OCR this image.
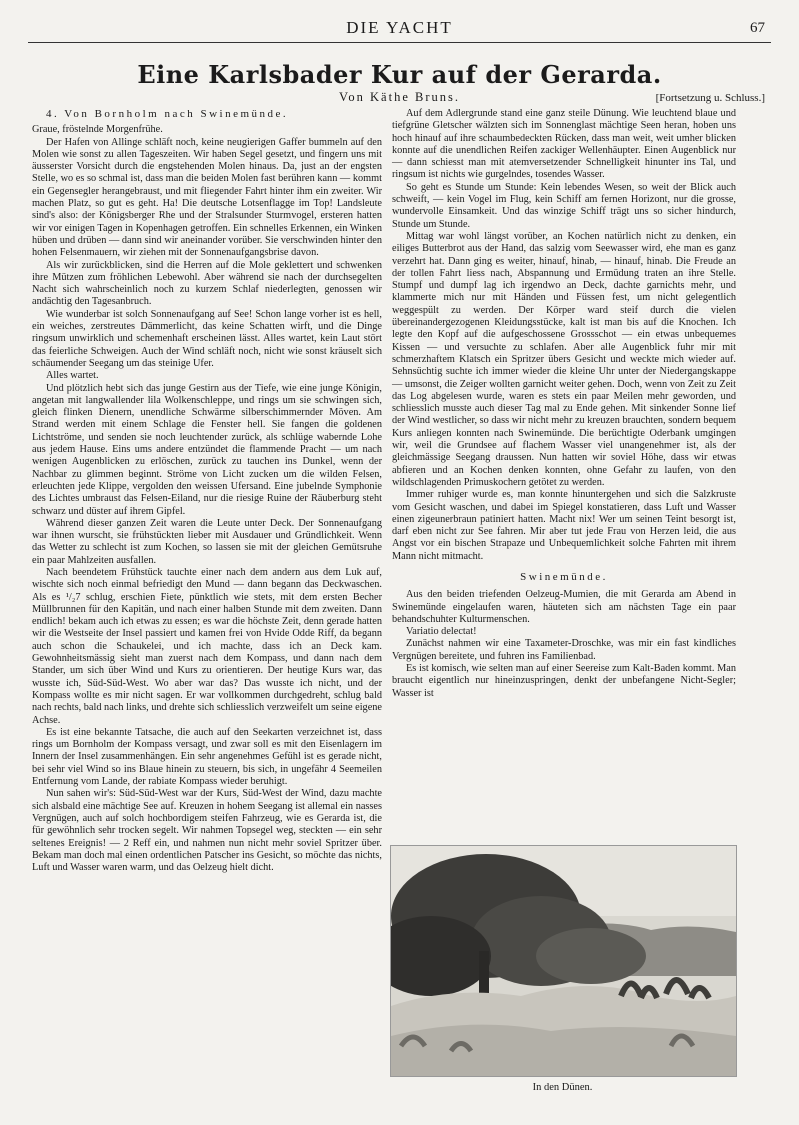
DIE YACHT	67
Eine Karlsbader Kur auf der Gerarda.
Von Käthe Bruns.	[Fortsetzung u. Schluss.]
4. Von Bornholm nach Swinemünde.

Graue, fröstelnde Morgenfrühe.

Der Hafen von Allinge schläft noch, keine neugierigen Gaffer bummeln auf den Molen wie sonst zu allen Tageszeiten. Wir haben Segel gesetzt, und fingern uns mit äusserster Vorsicht durch die engstehenden Molen hinaus. Da, just an der engsten Stelle, wo es so schmal ist, dass man die beiden Molen fast berühren kann — kommt ein Gegensegler herangebraust, und mit fliegender Fahrt hinter ihm ein zweiter. Wir machen Platz, so gut es geht. Ha! Die deutsche Lotsenflagge im Top! Landsleute sind's also: der Königsberger Rhe und der Stralsunder Sturmvogel, ersteren hatten wir vor einigen Tagen in Kopenhagen getroffen. Ein schnelles Erkennen, ein Winken hüben und drüben — dann sind wir aneinander vorüber. Sie verschwinden hinter den hohen Felsenmauern, wir ziehen mit der Sonnenaufgangsbrise davon.

Als wir zurückblicken, sind die Herren auf die Mole geklettert und schwenken ihre Mützen zum fröhlichen Lebewohl. Aber während sie nach der durchsegelten Nacht sich wahrscheinlich noch zu kurzem Schlaf niederlegten, genossen wir andächtig den Tagesanbruch.

Wie wunderbar ist solch Sonnenaufgang auf See! Schon lange vorher ist es hell, ein weiches, zerstreutes Dämmerlicht, das keine Schatten wirft, und die Dinge ringsum unwirklich und schemenhaft erscheinen lässt. Alles wartet, kein Laut stört das feierliche Schweigen. Auch der Wind schläft noch, nicht wie sonst kräuselt sich schäumender Seegang um das steinige Ufer.

Alles wartet.

Und plötzlich hebt sich das junge Gestirn aus der Tiefe, wie eine junge Königin, angetan mit langwallender lila Wolkenschleppe, und rings um sie schwingen sich, gleich flinken Dienern, unendliche Schwärme silberschimmernder Möven. Am Strand werden mit einem Schlage die Fenster hell. Sie fangen die goldenen Lichtströme, und senden sie noch leuchtender zurück, als schlüge wabernde Lohe aus jedem Hause. Eins ums andere entzündet die flammende Pracht — um nach wenigen Augenblicken zu erlöschen, zurück zu tauchen ins Dunkel, wenn der Nachbar zu glimmen beginnt. Ströme von Licht zucken um die wilden Felsen, erleuchten jede Klippe, vergolden den weissen Ufersand. Eine jubelnde Symphonie des Lichtes umbraust das Felsen-Eiland, nur die riesige Ruine der Räuberburg steht schwarz und düster auf ihrem Gipfel.

Während dieser ganzen Zeit waren die Leute unter Deck. Der Sonnenaufgang war ihnen wurscht, sie frühstückten lieber mit Ausdauer und Gründlichkeit. Wenn das Wetter zu schlecht ist zum Kochen, so lassen sie mit der gleichen Gemütsruhe ein paar Mahlzeiten ausfallen.

Nach beendetem Frühstück tauchte einer nach dem andern aus dem Luk auf, wischte sich noch einmal befriedigt den Mund — dann begann das Deckwaschen. Als es ¹/₂7 schlug, erschien Fiete, pünktlich wie stets, mit dem ersten Becher Müllbrunnen für den Kapitän, und nach einer halben Stunde mit dem zweiten. Dann endlich! bekam auch ich etwas zu essen; es war die höchste Zeit, denn gerade hatten wir die Westseite der Insel passiert und kamen frei von Hvide Odde Riff, da begann auch schon die Schaukelei, und ich machte, dass ich an Deck kam. Gewohnheitsmässig sieht man zuerst nach dem Kompass, und dann nach dem Stander, um sich über Wind und Kurs zu orientieren. Der heutige Kurs war, das wusste ich, Süd-Süd-West. Wo aber war das? Das wusste ich nicht, und der Kompass wollte es mir nicht sagen. Er war vollkommen durchgedreht, schlug bald nach rechts, bald nach links, und drehte sich schliesslich verzweifelt um seine eigene Achse.

Es ist eine bekannte Tatsache, die auch auf den Seekarten verzeichnet ist, dass rings um Bornholm der Kompass versagt, und zwar soll es mit den Eisenlagern im Innern der Insel zusammenhängen. Ein sehr angenehmes Gefühl ist es gerade nicht, bei sehr viel Wind so ins Blaue hinein zu steuern, bis sich, in ungefähr 4 Seemeilen Entfernung vom Lande, der rabiate Kompass wieder beruhigt.

Nun sahen wir's: Süd-Süd-West war der Kurs, Süd-West der Wind, dazu machte sich alsbald eine mächtige See auf. Kreuzen in hohem Seegang ist allemal ein nasses Vergnügen, auch auf solch hochbordigem steifen Fahrzeug, wie es Gerarda ist, die für gewöhnlich sehr trocken segelt. Wir nahmen Topsegel weg, steckten — ein sehr seltenes Ereignis! — 2 Reff ein, und nahmen nun nicht mehr soviel Spritzer über. Bekam man doch mal einen ordentlichen Patscher ins Gesicht, so möchte das nichts, Luft und Wasser waren warm, und das Oelzeug hielt dicht.

Auf dem Adlergrunde stand eine ganz steile Dünung. Wie leuchtend blaue und tiefgrüne Gletscher wälzten sich im Sonnenglast mächtige Seen heran, hoben uns hoch hinauf auf ihre schaumbedeckten Rücken, dass man weit, weit umher blicken konnte auf die unendlichen Reifen zackiger Wellenhäupter. Einen Augenblick nur — dann schiesst man mit atemversetzender Schnelligkeit hinunter ins Tal, und ringsum ist nichts wie gurgelndes, tosendes Wasser.

So geht es Stunde um Stunde: Kein lebendes Wesen, so weit der Blick auch schweift, — kein Vogel im Flug, kein Schiff am fernen Horizont, nur die grosse, wundervolle Einsamkeit. Und das winzige Schiff trägt uns so sicher hindurch, Stunde um Stunde.

Mittag war wohl längst vorüber, an Kochen natürlich nicht zu denken, ein eiliges Butterbrot aus der Hand, das salzig vom Seewasser wird, ehe man es ganz verzehrt hat. Dann ging es weiter, hinauf, hinab, — hinauf, hinab. Die Freude an der tollen Fahrt liess nach, Abspannung und Ermüdung traten an ihre Stelle. Stumpf und dumpf lag ich irgendwo an Deck, dachte garnichts mehr, und klammerte mich nur mit Händen und Füssen fest, um nicht gelegentlich weggespült zu werden. Der Körper ward steif durch die vielen übereinandergezogenen Kleidungsstücke, kalt ist man bis auf die Knochen. Ich legte den Kopf auf die aufgeschossene Grossschot — ein etwas unbequemes Kissen — und versuchte zu schlafen. Aber alle Augenblick fuhr mir mit schmerzhaftem Klatsch ein Spritzer übers Gesicht und weckte mich wieder auf. Sehnsüchtig suchte ich immer wieder die kleine Uhr unter der Niedergangskappe — umsonst, die Zeiger wollten garnicht weiter gehen. Doch, wenn von Zeit zu Zeit das Log abgelesen wurde, waren es stets ein paar Meilen mehr geworden, und schliesslich musste auch dieser Tag mal zu Ende gehen. Mit sinkender Sonne lief der Wind westlicher, so dass wir nicht mehr zu kreuzen brauchten, sondern bequem Kurs anliegen konnten nach Swinemünde. Die berüchtigte Oderbank umgingen wir, weil die Grundsee auf flachem Wasser viel unangenehmer ist, als der gleichmässige Seegang draussen. Nun hatten wir soviel Höhe, dass wir etwas abfieren und an Kochen denken konnten, ohne Gefahr zu laufen, von den wildschlagenden Primuskochern getötet zu werden.

Immer ruhiger wurde es, man konnte hinuntergehen und sich die Salzkruste vom Gesicht waschen, und dabei im Spiegel konstatieren, dass Luft und Wasser einen zigeunerbraun patiniert hatten. Macht nix! Wer um seinen Teint besorgt ist, darf eben nicht zur See fahren. Mir aber tut jede Frau von Herzen leid, die aus Angst vor ein bischen Strapaze und Unbequemlichkeit solche Fahrten mit ihrem Mann nicht mitmacht.

Swinemünde.

Aus den beiden triefenden Oelzeug-Mumien, die mit Gerarda am Abend in Swinemünde eingelaufen waren, häuteten sich am nächsten Tage ein paar behandschuhter Kulturmenschen.

Variatio delectat!

Zunächst nahmen wir eine Taxameter-Droschke, was mir ein fast kindliches Vergnügen bereitete, und fuhren ins Familienbad.

Es ist komisch, wie selten man auf einer Seereise zum Kalt-Baden kommt. Man braucht eigentlich nur hineinzuspringen, denkt der unbefangene Nicht-Segler; Wasser ist

In den Dünen.
